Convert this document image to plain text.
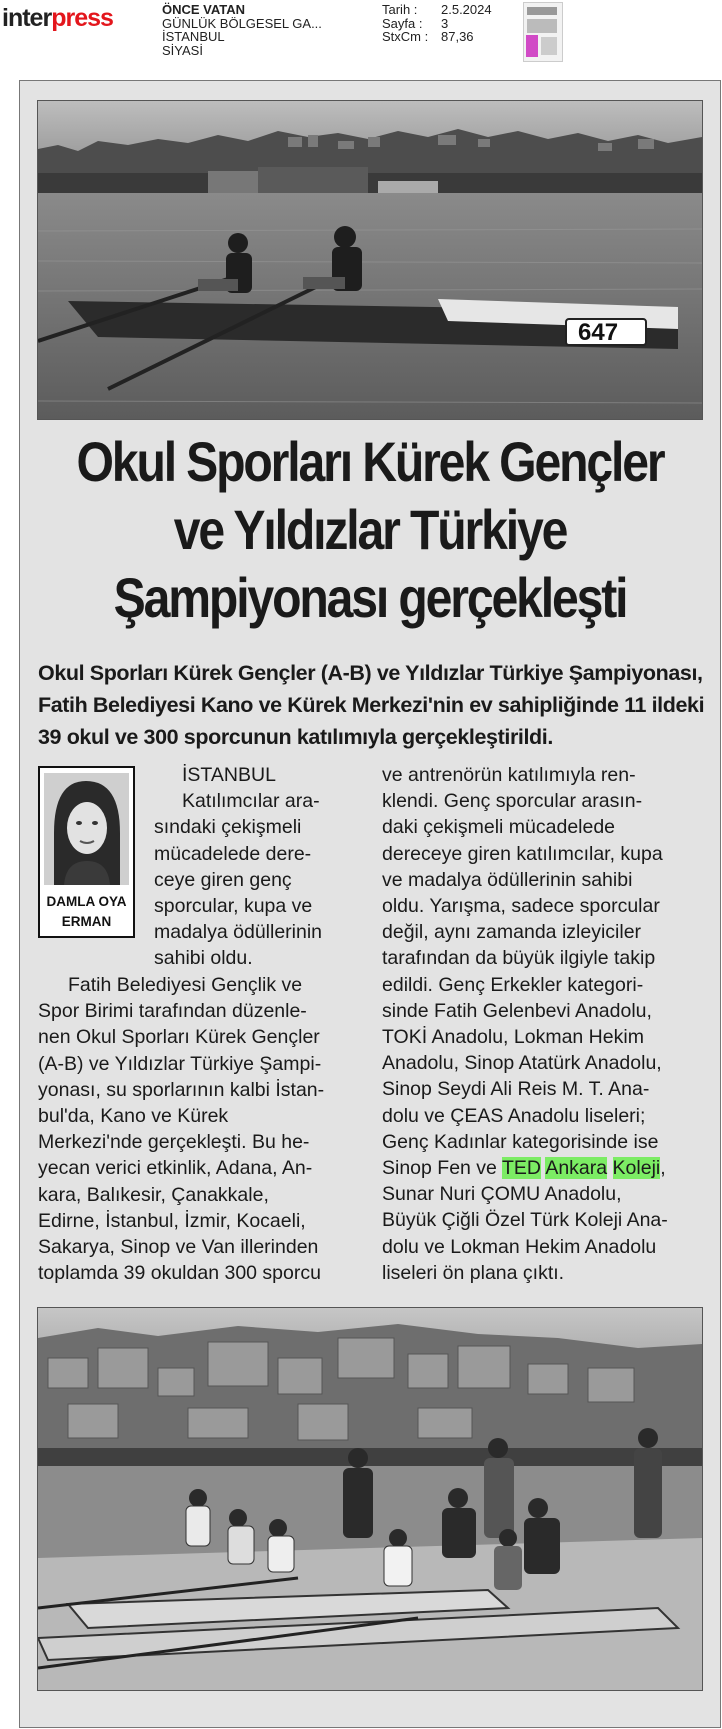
interpress	ÖNCE VATAN
GÜNLÜK BÖLGESEL GA...
İSTANBUL
SİYASİ
Tarih :
Sayfa :
StxCm :
2.5.2024
3
87,36
647
Okul Sporları Kürek Gençler
ve Yıldızlar Türkiye
Şampiyonası gerçekleşti
Okul Sporları Kürek Gençler (A-B) ve Yıldızlar Türkiye Şampiyonası,
Fatih Belediyesi Kano ve Kürek Merkezi'nin ev sahipliğinde 11 ildeki
39 okul ve 300 sporcunun katılımıyla gerçekleştirildi.
DAMLA OYA
ERMAN
İSTANBUL
Katılımcılar ara-
sındaki çekişmeli
mücadelede dere-
ceye giren genç
sporcular, kupa ve
madalya ödüllerinin
sahibi oldu.
Fatih Belediyesi Gençlik ve
Spor Birimi tarafından düzenle-
nen Okul Sporları Kürek Gençler
(A-B) ve Yıldızlar Türkiye Şampi-
yonası, su sporlarının kalbi İstan-
bul'da, Kano ve Kürek
Merkezi'nde gerçekleşti. Bu he-
yecan verici etkinlik, Adana, An-
kara, Balıkesir, Çanakkale,
Edirne, İstanbul, İzmir, Kocaeli,
Sakarya, Sinop ve Van illerinden
toplamda 39 okuldan 300 sporcu
ve antrenörün katılımıyla ren-
klendi. Genç sporcular arasın-
daki çekişmeli mücadelede
dereceye giren katılımcılar, kupa
ve madalya ödüllerinin sahibi
oldu. Yarışma, sadece sporcular
değil, aynı zamanda izleyiciler
tarafından da büyük ilgiyle takip
edildi. Genç Erkekler kategori-
sinde Fatih Gelenbevi Anadolu,
TOKİ Anadolu, Lokman Hekim
Anadolu, Sinop Atatürk Anadolu,
Sinop Seydi Ali Reis M. T. Ana-
dolu ve ÇEAS Anadolu liseleri;
Genç Kadınlar kategorisinde ise
Sinop Fen ve TED Ankara Koleji,
Sunar Nuri ÇOMU Anadolu,
Büyük Çiğli Özel Türk Koleji Ana-
dolu ve Lokman Hekim Anadolu
liseleri ön plana çıktı.
